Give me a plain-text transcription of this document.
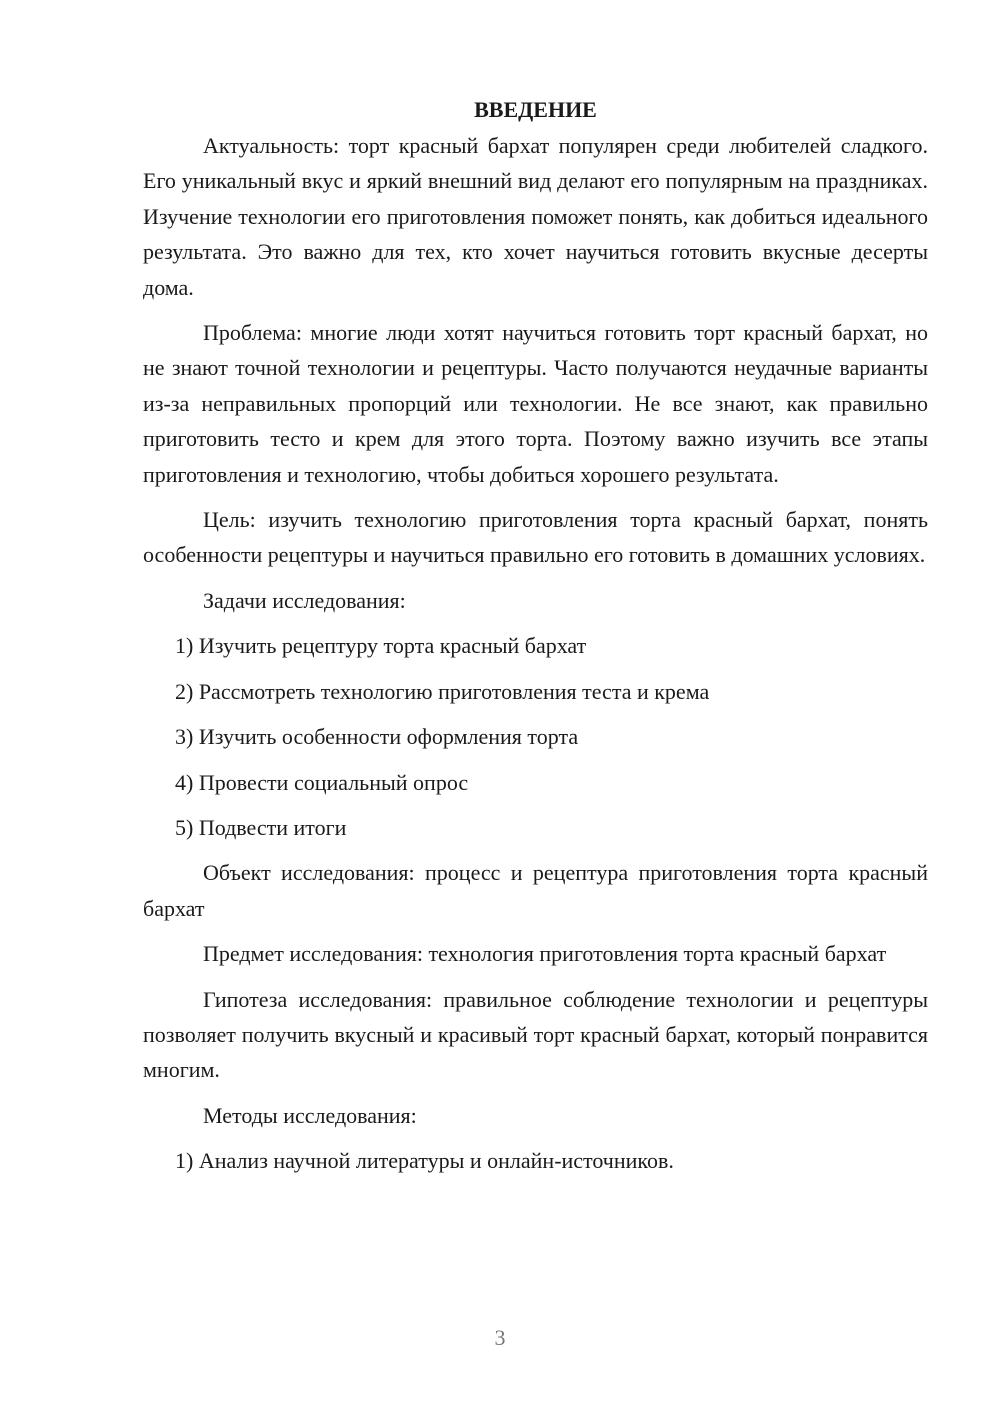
ВВЕДЕНИЕ

Актуальность: торт красный бархат популярен среди любителей сладкого. Его уникальный вкус и яркий внешний вид делают его популярным на праздниках. Изучение технологии его приготовления поможет понять, как добиться идеального результата. Это важно для тех, кто хочет научиться готовить вкусные десерты дома.

Проблема: многие люди хотят научиться готовить торт красный бархат, но не знают точной технологии и рецептуры. Часто получаются неудачные варианты из-за неправильных пропорций или технологии. Не все знают, как правильно приготовить тесто и крем для этого торта. Поэтому важно изучить все этапы приготовления и технологию, чтобы добиться хорошего результата.

Цель: изучить технологию приготовления торта красный бархат, понять особенности рецептуры и научиться правильно его готовить в домашних условиях.

Задачи исследования:

1) Изучить рецептуру торта красный бархат

2) Рассмотреть технологию приготовления теста и крема

3) Изучить особенности оформления торта

4) Провести социальный опрос

5) Подвести итоги

Объект исследования: процесс и рецептура приготовления торта красный бархат

Предмет исследования: технология приготовления торта красный бархат

Гипотеза исследования: правильное соблюдение технологии и рецептуры позволяет получить вкусный и красивый торт красный бархат, который понравится многим.

Методы исследования:

1) Анализ научной литературы и онлайн-источников.

3
